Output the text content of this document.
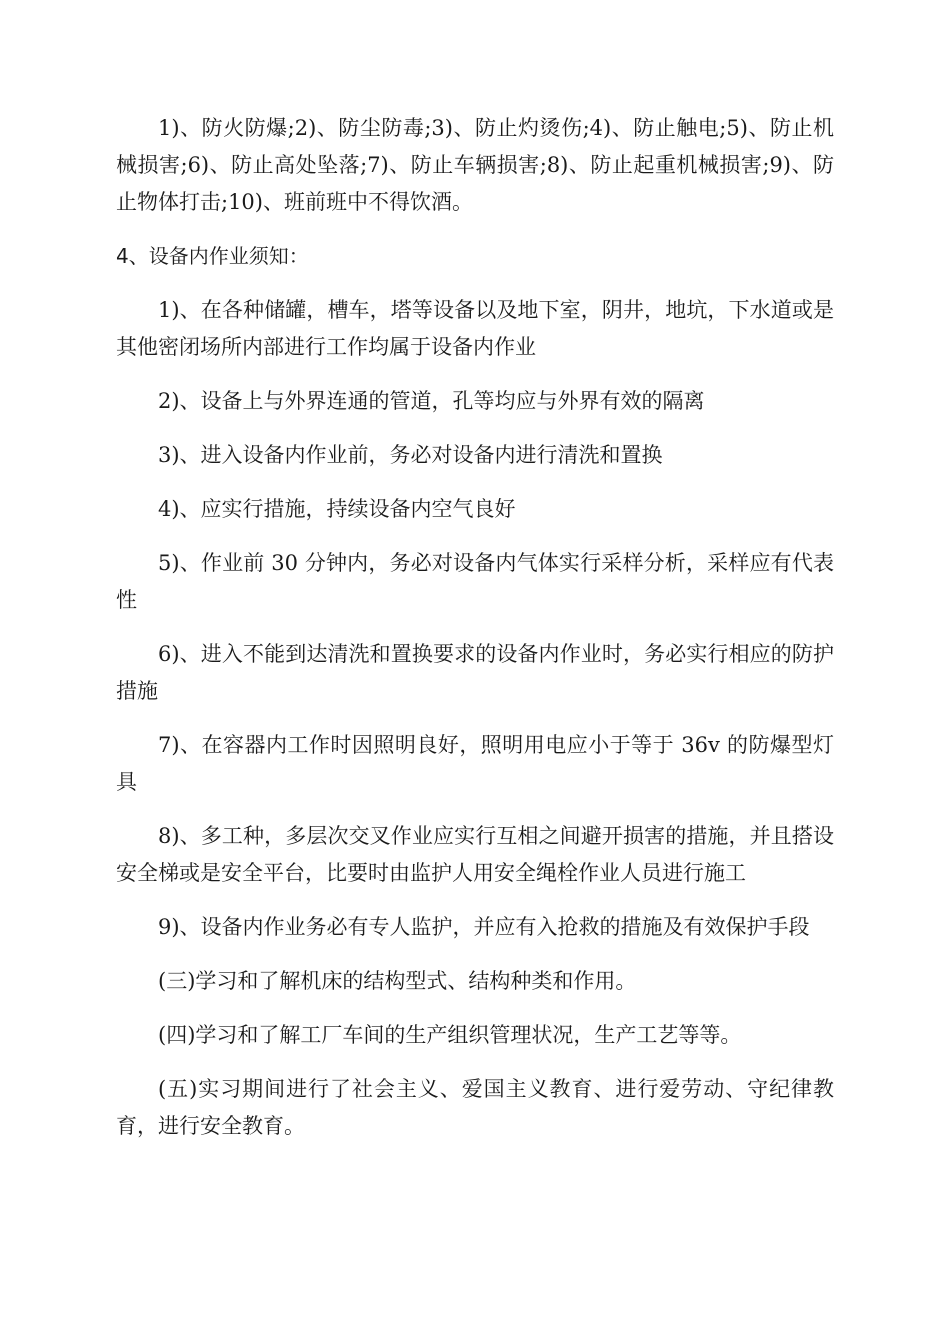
1)、防火防爆;2)、防尘防毒;3)、防止灼烫伤;4)、防止触电;5)、防止机械损害;6)、防止高处坠落;7)、防止车辆损害;8)、防止起重机械损害;9)、防止物体打击;10)、班前班中不得饮酒。

4、设备内作业须知：

1)、在各种储罐，槽车，塔等设备以及地下室，阴井，地坑，下水道或是其他密闭场所内部进行工作均属于设备内作业

2)、设备上与外界连通的管道，孔等均应与外界有效的隔离

3)、进入设备内作业前，务必对设备内进行清洗和置换

4)、应实行措施，持续设备内空气良好

5)、作业前 30 分钟内，务必对设备内气体实行采样分析，采样应有代表性

6)、进入不能到达清洗和置换要求的设备内作业时，务必实行相应的防护措施

7)、在容器内工作时因照明良好，照明用电应小于等于 36v 的防爆型灯具

8)、多工种，多层次交叉作业应实行互相之间避开损害的措施，并且搭设安全梯或是安全平台，比要时由监护人用安全绳栓作业人员进行施工

9)、设备内作业务必有专人监护，并应有入抢救的措施及有效保护手段

(三)学习和了解机床的结构型式、结构种类和作用。

(四)学习和了解工厂车间的生产组织管理状况，生产工艺等等。

(五)实习期间进行了社会主义、爱国主义教育、进行爱劳动、守纪律教育，进行安全教育。
